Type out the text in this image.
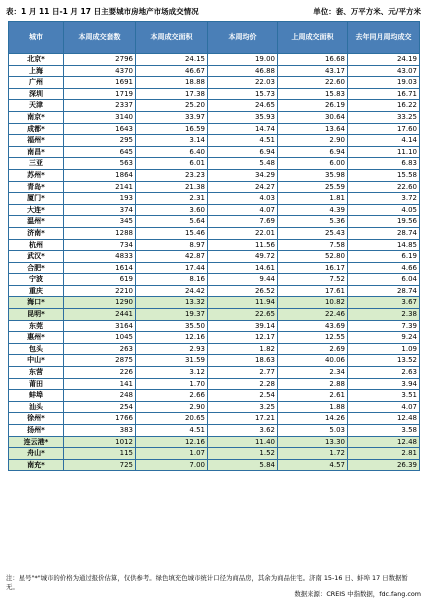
表：1 月 11 日-1 月 17 日主要城市房地产市场成交情况	单位：套、万平方米、元/平方米
城市	本周成交套数	本周成交面积	本周均价	上周成交面积	去年同月周均成交
北京*	2796	24.15	19.00	16.68	24.19
上海	4370	46.67	46.88	43.17	43.07
广州	1691	18.88	22.03	22.60	19.03
深圳	1719	17.38	15.73	15.83	16.71
天津	2337	25.20	24.65	26.19	16.22
南京*	3140	33.97	35.93	30.64	33.25
成都*	1643	16.59	14.74	13.64	17.60
福州*	295	3.14	4.51	2.90	4.14
南昌*	645	6.40	6.94	6.94	11.10
三亚	563	6.01	5.48	6.00	6.83
苏州*	1864	23.23	34.29	35.98	15.58
青岛*	2141	21.38	24.27	25.59	22.60
厦门*	193	2.31	4.03	1.81	3.72
大连*	374	3.60	4.07	4.39	4.05
温州*	345	5.64	7.69	5.36	19.56
济南*	1288	15.46	22.01	25.43	28.74
杭州	734	8.97	11.56	7.58	14.85
武汉*	4833	42.87	49.72	52.80	6.19
合肥*	1614	17.44	14.61	16.17	4.66
宁波	619	8.16	9.44	7.52	6.04
重庆	2210	24.42	26.52	17.61	28.74
海口*	1290	13.32	11.94	10.82	3.67
昆明*	2441	19.37	22.65	22.46	2.38
东莞	3164	35.50	39.14	43.69	7.39
惠州*	1045	12.16	12.17	12.55	9.24
包头	263	2.93	1.82	2.69	1.09
中山*	2875	31.59	18.63	40.06	13.52
东营	226	3.12	2.77	2.34	2.63
莆田	141	1.70	2.28	2.88	3.94
蚌埠	248	2.66	2.54	2.61	3.51
汕头	254	2.90	3.25	1.88	4.07
徐州*	1766	20.65	17.21	14.26	12.48
扬州*	383	4.51	3.62	5.03	3.58
连云港*	1012	12.16	11.40	13.30	12.48
舟山*	115	1.07	1.52	1.72	2.81
南充*	725	7.00	5.84	4.57	26.39
注：星号"*"城市的价格为通过报价估算，仅供参考。绿色填充色城市统计口径为商品房，其余为商品住宅。济南 15-16 日、蚌埠 17 日数据暂无。
数据来源：CREIS 中指数据，fdc.fang.com
